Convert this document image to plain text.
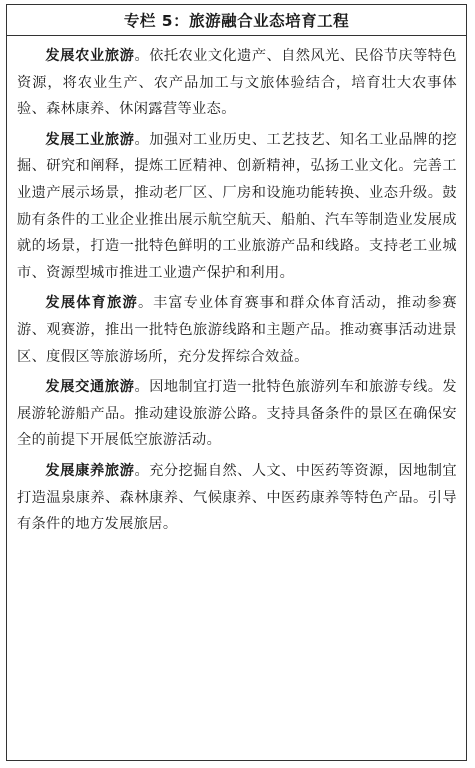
专栏 5：旅游融合业态培育工程

发展农业旅游。依托农业文化遗产、自然风光、民俗节庆等特色资源，将农业生产、农产品加工与文旅体验结合，培育壮大农事体验、森林康养、休闲露营等业态。

发展工业旅游。加强对工业历史、工艺技艺、知名工业品牌的挖掘、研究和阐释，提炼工匠精神、创新精神，弘扬工业文化。完善工业遗产展示场景，推动老厂区、厂房和设施功能转换、业态升级。鼓励有条件的工业企业推出展示航空航天、船舶、汽车等制造业发展成就的场景，打造一批特色鲜明的工业旅游产品和线路。支持老工业城市、资源型城市推进工业遗产保护和利用。

发展体育旅游。丰富专业体育赛事和群众体育活动，推动参赛游、观赛游，推出一批特色旅游线路和主题产品。推动赛事活动进景区、度假区等旅游场所，充分发挥综合效益。

发展交通旅游。因地制宜打造一批特色旅游列车和旅游专线。发展游轮游船产品。推动建设旅游公路。支持具备条件的景区在确保安全的前提下开展低空旅游活动。

发展康养旅游。充分挖掘自然、人文、中医药等资源，因地制宜打造温泉康养、森林康养、气候康养、中医药康养等特色产品。引导有条件的地方发展旅居。
